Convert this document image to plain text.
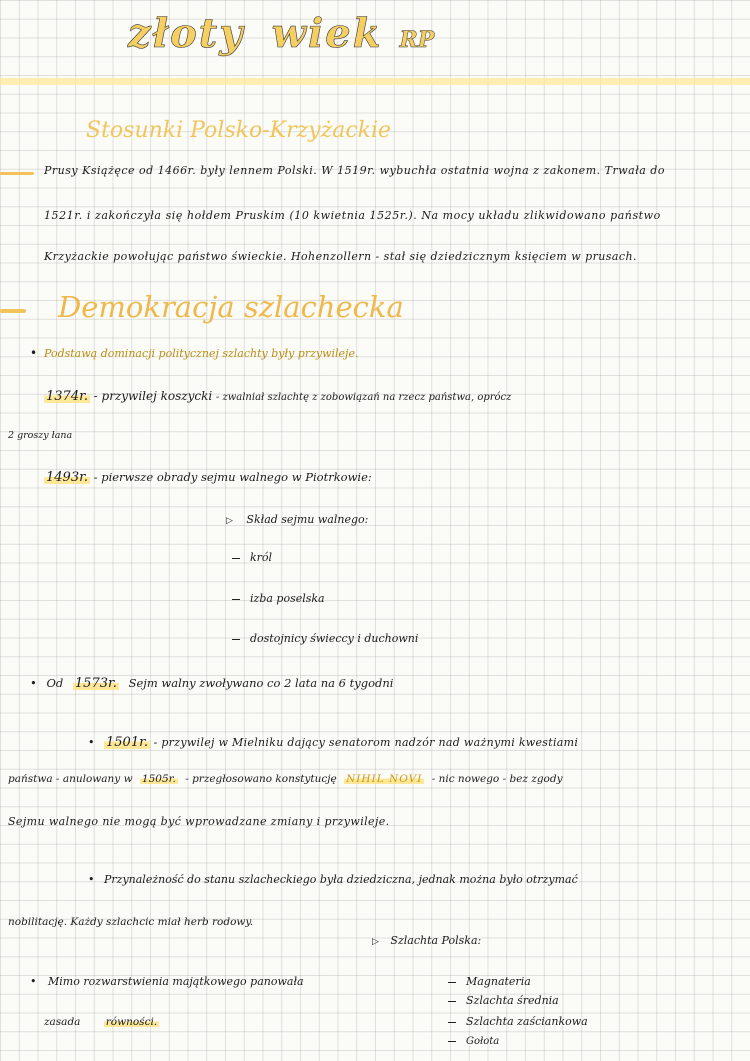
złoty wiek RP
Stosunki Polsko-Krzyżackie
Prusy Książęce od 1466r. były lennem Polski. W 1519r. wybuchła ostatnia wojna z zakonem. Trwała do
1521r. i zakończyła się hołdem Pruskim (10 kwietnia 1525r.). Na mocy układu zlikwidowano państwo
Krzyżackie powołując państwo świeckie. Hohenzollern - stał się dziedzicznym księciem w prusach.
Demokracja szlachecka
• Podstawą dominacji politycznej szlachty były przywileje.
1374r. - przywilej koszycki - zwalniał szlachtę z zobowiązań na rzecz państwa, oprócz
2 groszy łana
1493r. - pierwsze obrady sejmu walnego w Piotrkowie:
▷ Skład sejmu walnego:
król
izba poselska
dostojnicy świeccy i duchowni
• Od 1573r. Sejm walny zwoływano co 2 lata na 6 tygodni
• 1501r. - przywilej w Mielniku dający senatorom nadzór nad ważnymi kwestiami
państwa - anulowany w 1505r. - przegłosowano konstytucję NIHIL NOVI - nic nowego - bez zgody
Sejmu walnego nie mogą być wprowadzane zmiany i przywileje.
• Przynależność do stanu szlacheckiego była dziedziczna, jednak można było otrzymać
nobilitację. Każdy szlachcic miał herb rodowy.
▷ Szlachta Polska:
Magnateria
Szlachta średnia
Szlachta zaściankowa
Gołota
• Mimo rozwarstwienia majątkowego panowała
zasada równości.
